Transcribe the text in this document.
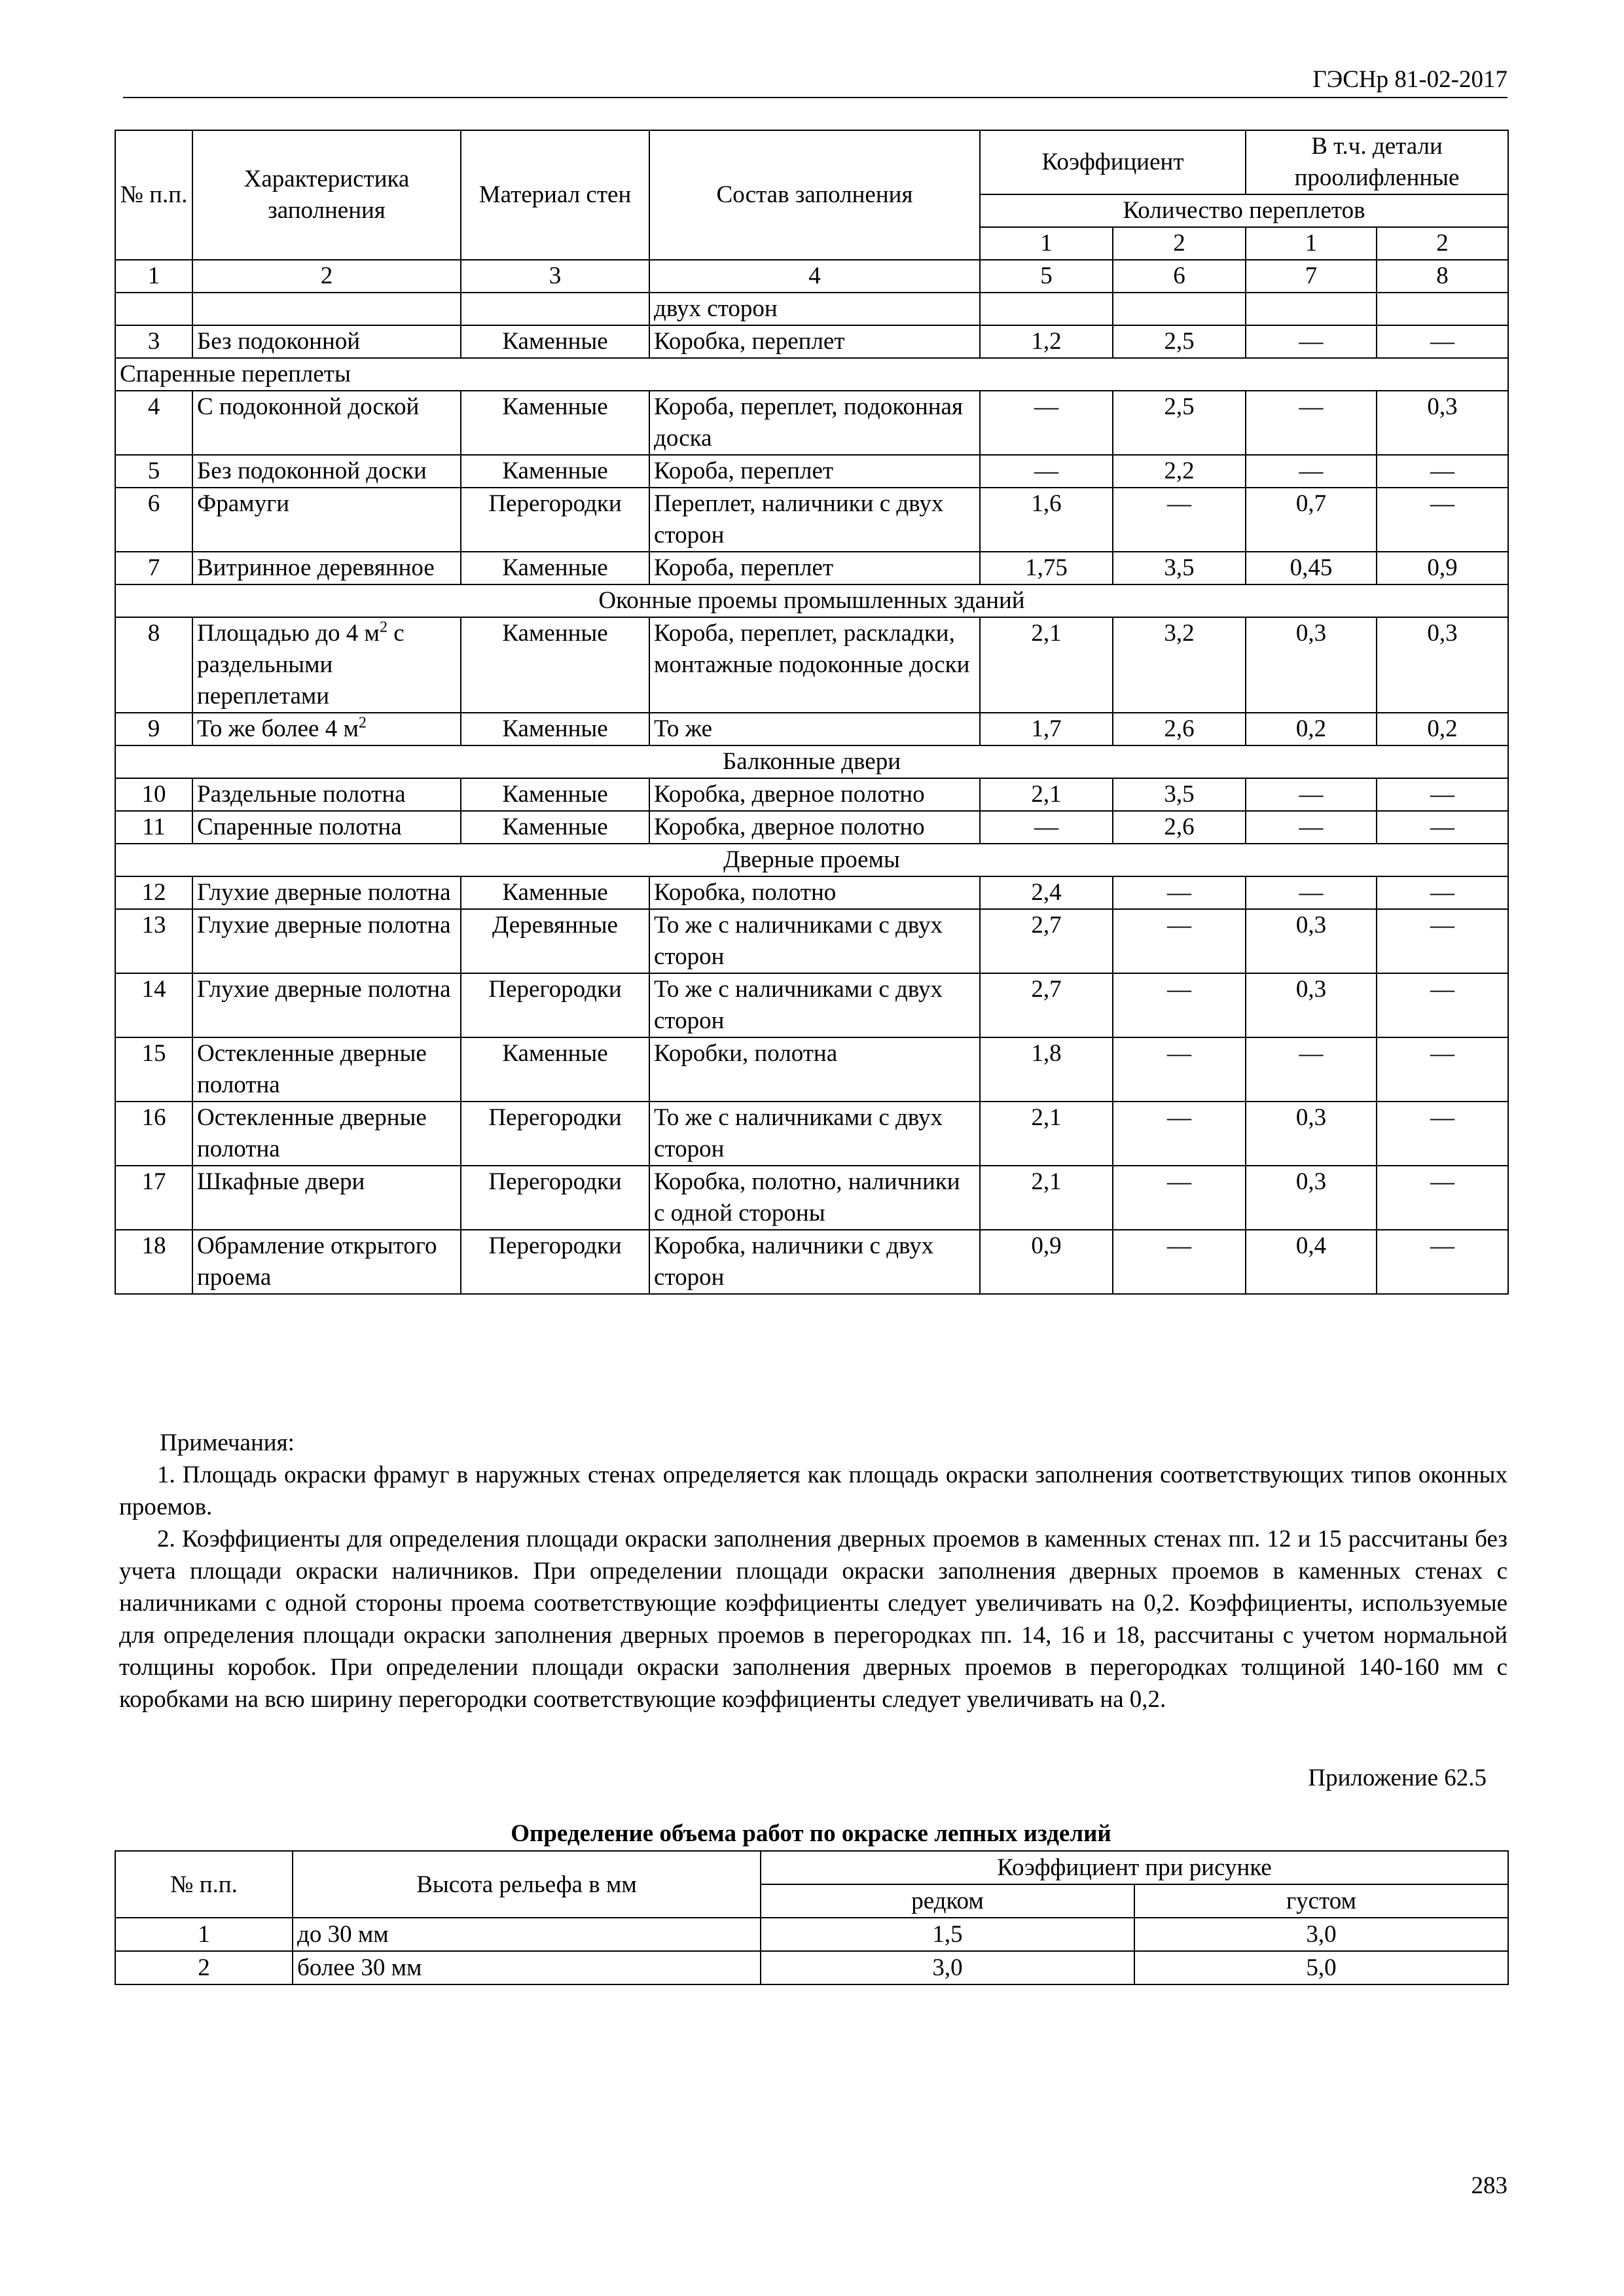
ГЭСНр 81-02-2017
№ п.п.	Характеристика заполнения	Материал стен	Состав заполнения	Коэффициент		В т.ч. детали проолифленные	
				Количество переплетов			
				1	2	1	2
1	2	3	4	5	6	7	8
			двух сторон				
3	Без подоконной	Каменные	Коробка, переплет	1,2	2,5	—	—
Спаренные переплеты							
4	С подоконной доской	Каменные	Короба, переплет, подоконная доска	—	2,5	—	0,3
5	Без подоконной доски	Каменные	Короба, переплет	—	2,2	—	—
6	Фрамуги	Перегородки	Переплет, наличники с двух сторон	1,6	—	0,7	—
7	Витринное деревянное	Каменные	Короба, переплет	1,75	3,5	0,45	0,9
Оконные проемы промышленных зданий							
8	Площадью до 4 $м^2$ с раздельными переплетами	Каменные	Короба, переплет, раскладки, монтажные подоконные доски	2,1	3,2	0,3	0,3
9	То же более 4 $м^2$	Каменные	То же	1,7	2,6	0,2	0,2
Балконные двери							
10	Раздельные полотна	Каменные	Коробка, дверное полотно	2,1	3,5	—	—
11	Спаренные полотна	Каменные	Коробка, дверное полотно	—	2,6	—	—
Дверные проемы							
12	Глухие дверные полотна	Каменные	Коробка, полотно	2,4	—	—	—
13	Глухие дверные полотна	Деревянные	То же с наличниками с двух сторон	2,7	—	0,3	—
14	Глухие дверные полотна	Перегородки	То же с наличниками с двух сторон	2,7	—	0,3	—
15	Остекленные дверные полотна	Каменные	Коробки, полотна	1,8	—	—	—
16	Остекленные дверные полотна	Перегородки	То же с наличниками с двух сторон	2,1	—	0,3	—
17	Шкафные двери	Перегородки	Коробка, полотно, наличники с одной стороны	2,1	—	0,3	—
18	Обрамление открытого проема	Перегородки	Коробка, наличники с двух сторон	0,9	—	0,4	—

Примечания:

1. Площадь окраски фрамуг в наружных стенах определяется как площадь окраски заполнения соответствующих типов оконных проемов.

2. Коэффициенты для определения площади окраски заполнения дверных проемов в каменных стенах пп. 12 и 15 рассчитаны без учета площади окраски наличников. При определении площади окраски заполнения дверных проемов в каменных стенах с наличниками с одной стороны проема соответствующие коэффициенты следует увеличивать на 0,2. Коэффициенты, используемые для определения площади окраски заполнения дверных проемов в перегородках пп. 14, 16 и 18, рассчитаны с учетом нормальной толщины коробок. При определении площади окраски заполнения дверных проемов в перегородках толщиной 140-160 мм с коробками на всю ширину перегородки соответствующие коэффициенты следует увеличивать на 0,2.

Приложение 62.5
Определение объема работ по окраске лепных изделий
№ п.п.	Высота рельефа в мм	Коэффициент при рисунке	
		редком	густом
1	до 30 мм	1,5	3,0
2	более 30 мм	3,0	5,0
283
